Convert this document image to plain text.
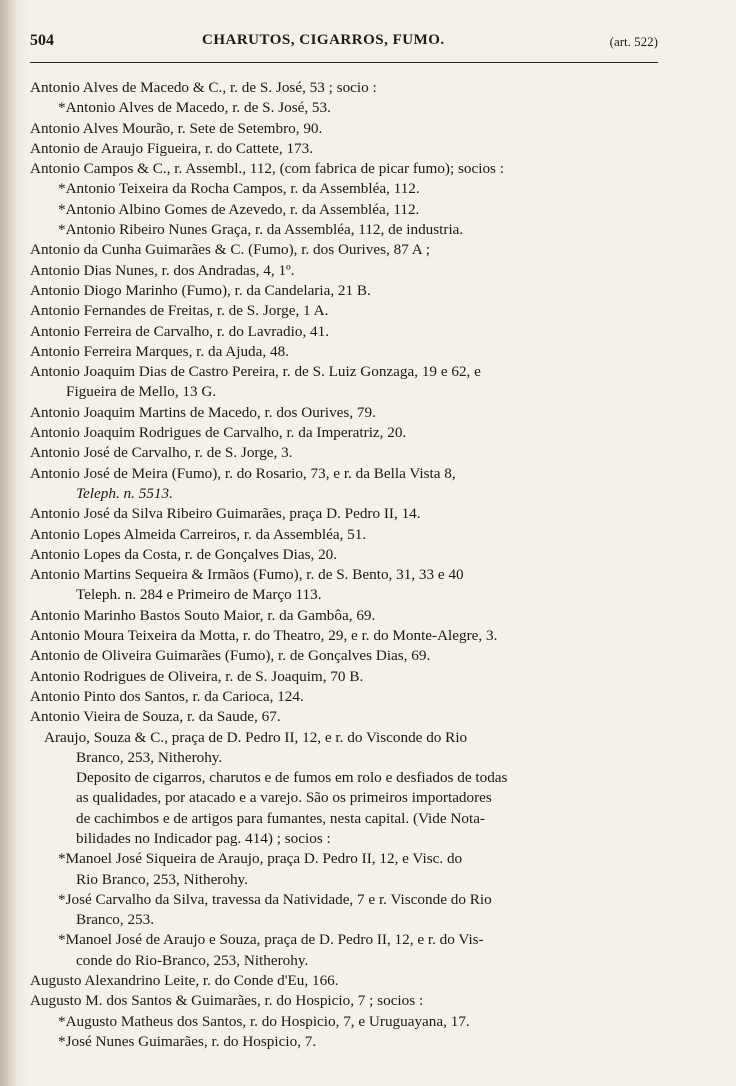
504	CHARUTOS, CIGARROS, FUMO.	(art. 522)
Antonio Alves de Macedo & C., r. de S. José, 53 ; socio :
*Antonio Alves de Macedo, r. de S. José, 53.
Antonio Alves Mourão, r. Sete de Setembro, 90.
Antonio de Araujo Figueira, r. do Cattete, 173.
Antonio Campos & C., r. Assembl., 112, (com fabrica de picar fumo); socios :
*Antonio Teixeira da Rocha Campos, r. da Assembléa, 112.
*Antonio Albino Gomes de Azevedo, r. da Assembléa, 112.
*Antonio Ribeiro Nunes Graça, r. da Assembléa, 112, de industria.
Antonio da Cunha Guimarães & C. (Fumo), r. dos Ourives, 87 A ;
Antonio Dias Nunes, r. dos Andradas, 4, 1º.
Antonio Diogo Marinho (Fumo), r. da Candelaria, 21 B.
Antonio Fernandes de Freitas, r. de S. Jorge, 1 A.
Antonio Ferreira de Carvalho, r. do Lavradio, 41.
Antonio Ferreira Marques, r. da Ajuda, 48.
Antonio Joaquim Dias de Castro Pereira, r. de S. Luiz Gonzaga, 19 e 62, e
Figueira de Mello, 13 G.
Antonio Joaquim Martins de Macedo, r. dos Ourives, 79.
Antonio Joaquim Rodrigues de Carvalho, r. da Imperatriz, 20.
Antonio José de Carvalho, r. de S. Jorge, 3.
Antonio José de Meira (Fumo), r. do Rosario, 73, e r. da Bella Vista 8,
Teleph. n. 5513.
Antonio José da Silva Ribeiro Guimarães, praça D. Pedro II, 14.
Antonio Lopes Almeida Carreiros, r. da Assembléa, 51.
Antonio Lopes da Costa, r. de Gonçalves Dias, 20.
Antonio Martins Sequeira & Irmãos (Fumo), r. de S. Bento, 31, 33 e 40
Teleph. n. 284 e Primeiro de Março 113.
Antonio Marinho Bastos Souto Maior, r. da Gambôa, 69.
Antonio Moura Teixeira da Motta, r. do Theatro, 29, e r. do Monte-Alegre, 3.
Antonio de Oliveira Guimarães (Fumo), r. de Gonçalves Dias, 69.
Antonio Rodrigues de Oliveira, r. de S. Joaquim, 70 B.
Antonio Pinto dos Santos, r. da Carioca, 124.
Antonio Vieira de Souza, r. da Saude, 67.
Araujo, Souza & C., praça de D. Pedro II, 12, e r. do Visconde do Rio
Branco, 253, Nitherohy.
Deposito de cigarros, charutos e de fumos em rolo e desfiados de todas
as qualidades, por atacado e a varejo. São os primeiros importadores
de cachimbos e de artigos para fumantes, nesta capital. (Vide Nota-
bilidades no Indicador pag. 414) ; socios :
*Manoel José Siqueira de Araujo, praça D. Pedro II, 12, e Visc. do
Rio Branco, 253, Nitherohy.
*José Carvalho da Silva, travessa da Natividade, 7 e r. Visconde do Rio
Branco, 253.
*Manoel José de Araujo e Souza, praça de D. Pedro II, 12, e r. do Vis-
conde do Rio-Branco, 253, Nitherohy.
Augusto Alexandrino Leite, r. do Conde d'Eu, 166.
Augusto M. dos Santos & Guimarães, r. do Hospicio, 7 ; socios :
*Augusto Matheus dos Santos, r. do Hospicio, 7, e Uruguayana, 17.
*José Nunes Guimarães, r. do Hospicio, 7.
